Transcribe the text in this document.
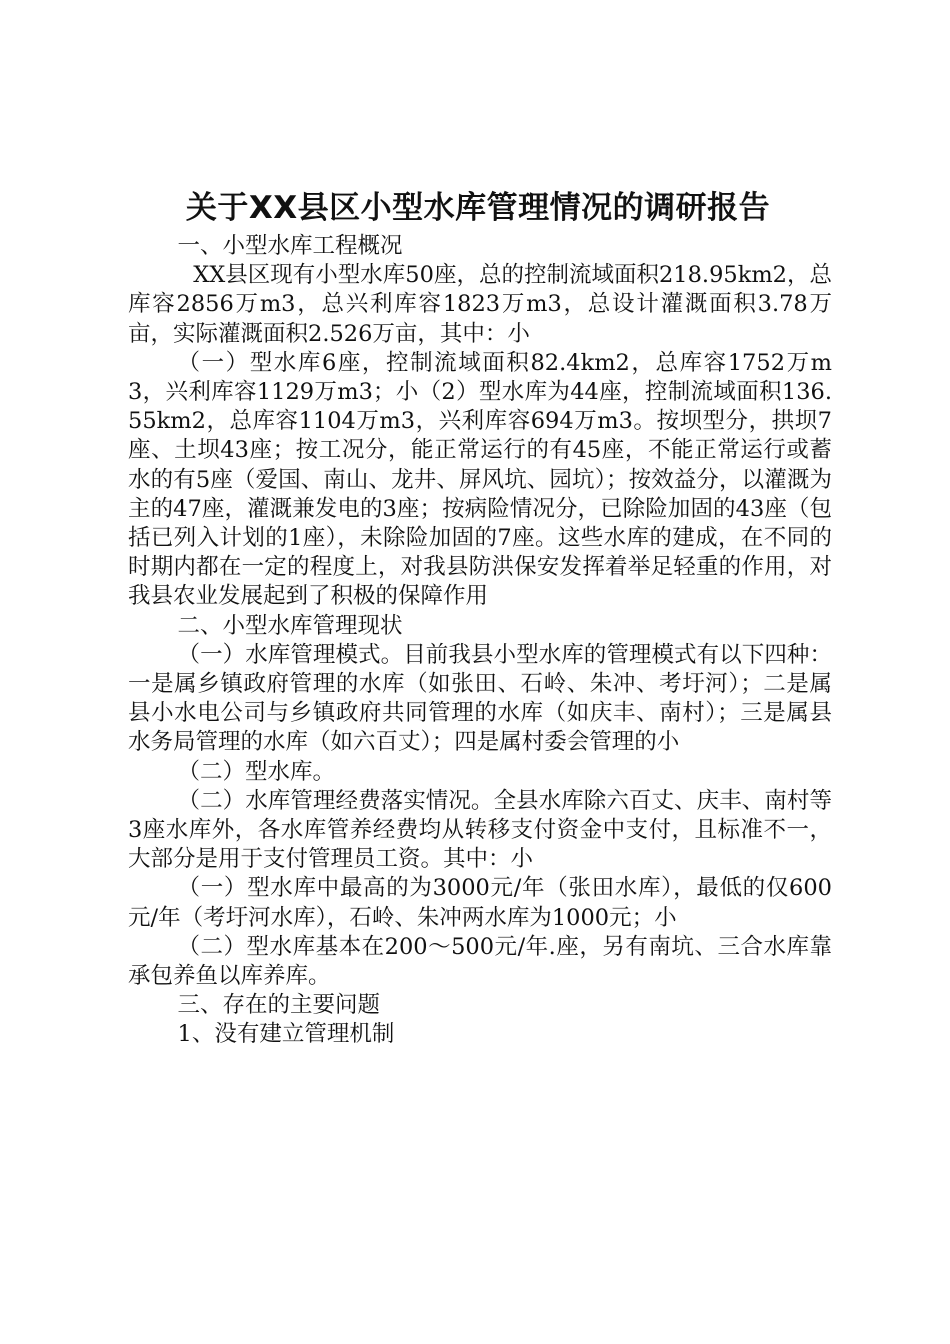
关于XX县区小型水库管理情况的调研报告

一、小型水库工程概况

XX县区现有小型水库50座，总的控制流域面积218.95km2，总库容2856万m3，总兴利库容1823万m3，总设计灌溉面积3.78万亩，实际灌溉面积2.526万亩，其中：小

（一）型水库6座，控制流域面积82.4km2，总库容1752万m3，兴利库容1129万m3；小（2）型水库为44座，控制流域面积136.55km2，总库容1104万m3，兴利库容694万m3。按坝型分，拱坝7座、土坝43座；按工况分，能正常运行的有45座，不能正常运行或蓄水的有5座（爱国、南山、龙井、屏风坑、园坑）；按效益分，以灌溉为主的47座，灌溉兼发电的3座；按病险情况分，已除险加固的43座（包括已列入计划的1座），未除险加固的7座。这些水库的建成，在不同的时期内都在一定的程度上，对我县防洪保安发挥着举足轻重的作用，对我县农业发展起到了积极的保障作用

二、小型水库管理现状

（一）水库管理模式。目前我县小型水库的管理模式有以下四种：一是属乡镇政府管理的水库（如张田、石岭、朱冲、考圩河）；二是属县小水电公司与乡镇政府共同管理的水库（如庆丰、南村）；三是属县水务局管理的水库（如六百丈）；四是属村委会管理的小

（二）型水库。

（二）水库管理经费落实情况。全县水库除六百丈、庆丰、南村等3座水库外，各水库管养经费均从转移支付资金中支付，且标准不一，大部分是用于支付管理员工资。其中：小

（一）型水库中最高的为3000元/年（张田水库），最低的仅600元/年（考圩河水库），石岭、朱冲两水库为1000元；小

（二）型水库基本在200～500元/年.座，另有南坑、三合水库靠承包养鱼以库养库。

三、存在的主要问题

1、没有建立管理机制
